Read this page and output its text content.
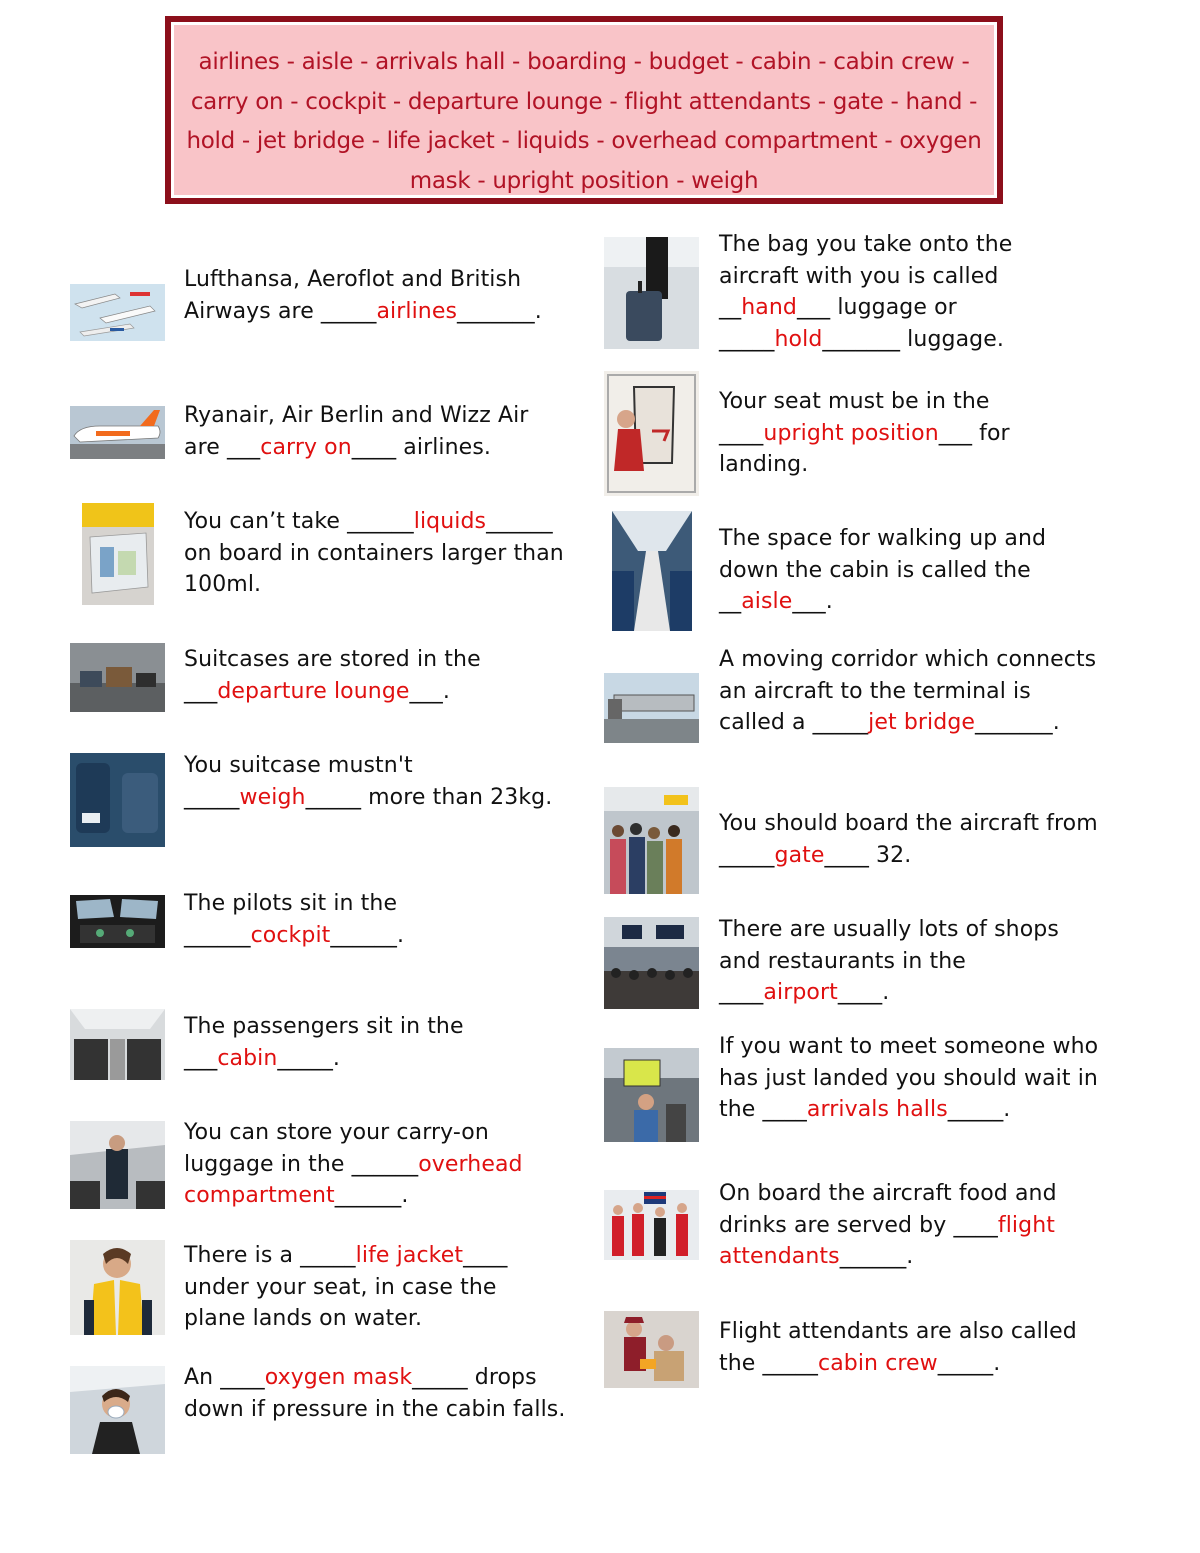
airlines - aisle - arrivals hall - boarding - budget - cabin - cabin crew - carry on - cockpit - departure lounge - flight attendants - gate - hand - hold - jet bridge - life jacket - liquids - overhead compartment - oxygen mask - upright position - weigh
Lufthansa, Aeroflot and British Airways are _____airlines_______.
Ryanair, Air Berlin and Wizz Air are ___carry on____ airlines.
You can’t take ______liquids______ on board in containers larger than 100ml.
Suitcases are stored in the ___departure lounge___.
You suitcase mustn't _____weigh_____ more than 23kg.
The pilots sit in the ______cockpit______.
The passengers sit in the ___cabin_____.
You can store your carry-on luggage in the ______overhead compartment______.
There is a _____life jacket____ under your seat, in case the plane lands on water.
An ____oxygen mask_____ drops down if pressure in the cabin falls.
The bag you take onto the aircraft with you is called __hand___ luggage or _____hold_______ luggage.
Your seat must be in the ____upright position___ for landing.
The space for walking up and down the cabin is called the __aisle___.
A moving corridor which connects an aircraft to the terminal is called a _____jet bridge_______.
You should board the aircraft from _____gate____ 32.
There are usually lots of shops and restaurants in the ____airport____.
If you want to meet someone who has just landed you should wait in the ____arrivals halls_____.
On board the aircraft food and drinks are served by ____flight attendants______.
Flight attendants are also called the _____cabin crew_____.
